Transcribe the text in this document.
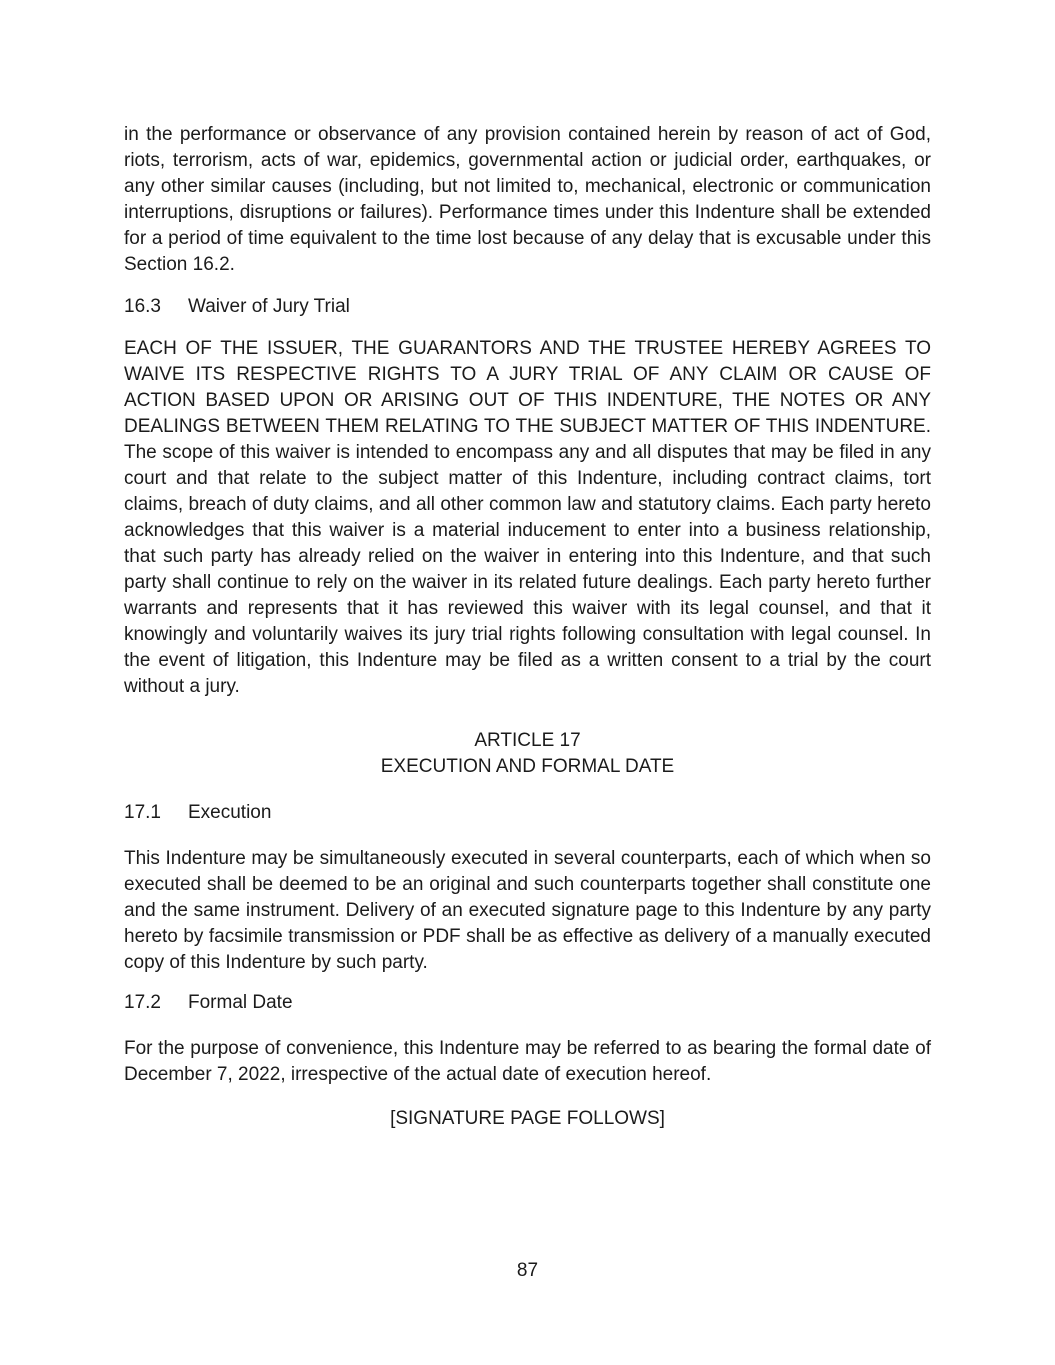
in the performance or observance of any provision contained herein by reason of act of God, riots, terrorism, acts of war, epidemics, governmental action or judicial order, earthquakes, or any other similar causes (including, but not limited to, mechanical, electronic or communication interruptions, disruptions or failures). Performance times under this Indenture shall be extended for a period of time equivalent to the time lost because of any delay that is excusable under this Section 16.2.

16.3	Waiver of Jury Trial

EACH OF THE ISSUER, THE GUARANTORS AND THE TRUSTEE HEREBY AGREES TO WAIVE ITS RESPECTIVE RIGHTS TO A JURY TRIAL OF ANY CLAIM OR CAUSE OF ACTION BASED UPON OR ARISING OUT OF THIS INDENTURE, THE NOTES OR ANY DEALINGS BETWEEN THEM RELATING TO THE SUBJECT MATTER OF THIS INDENTURE. The scope of this waiver is intended to encompass any and all disputes that may be filed in any court and that relate to the subject matter of this Indenture, including contract claims, tort claims, breach of duty claims, and all other common law and statutory claims. Each party hereto acknowledges that this waiver is a material inducement to enter into a business relationship, that such party has already relied on the waiver in entering into this Indenture, and that such party shall continue to rely on the waiver in its related future dealings. Each party hereto further warrants and represents that it has reviewed this waiver with its legal counsel, and that it knowingly and voluntarily waives its jury trial rights following consultation with legal counsel. In the event of litigation, this Indenture may be filed as a written consent to a trial by the court without a jury.

ARTICLE 17
EXECUTION AND FORMAL DATE
17.1	Execution

This Indenture may be simultaneously executed in several counterparts, each of which when so executed shall be deemed to be an original and such counterparts together shall constitute one and the same instrument. Delivery of an executed signature page to this Indenture by any party hereto by facsimile transmission or PDF shall be as effective as delivery of a manually executed copy of this Indenture by such party.

17.2	Formal Date

For the purpose of convenience, this Indenture may be referred to as bearing the formal date of December 7, 2022, irrespective of the actual date of execution hereof.

[SIGNATURE PAGE FOLLOWS]
87
